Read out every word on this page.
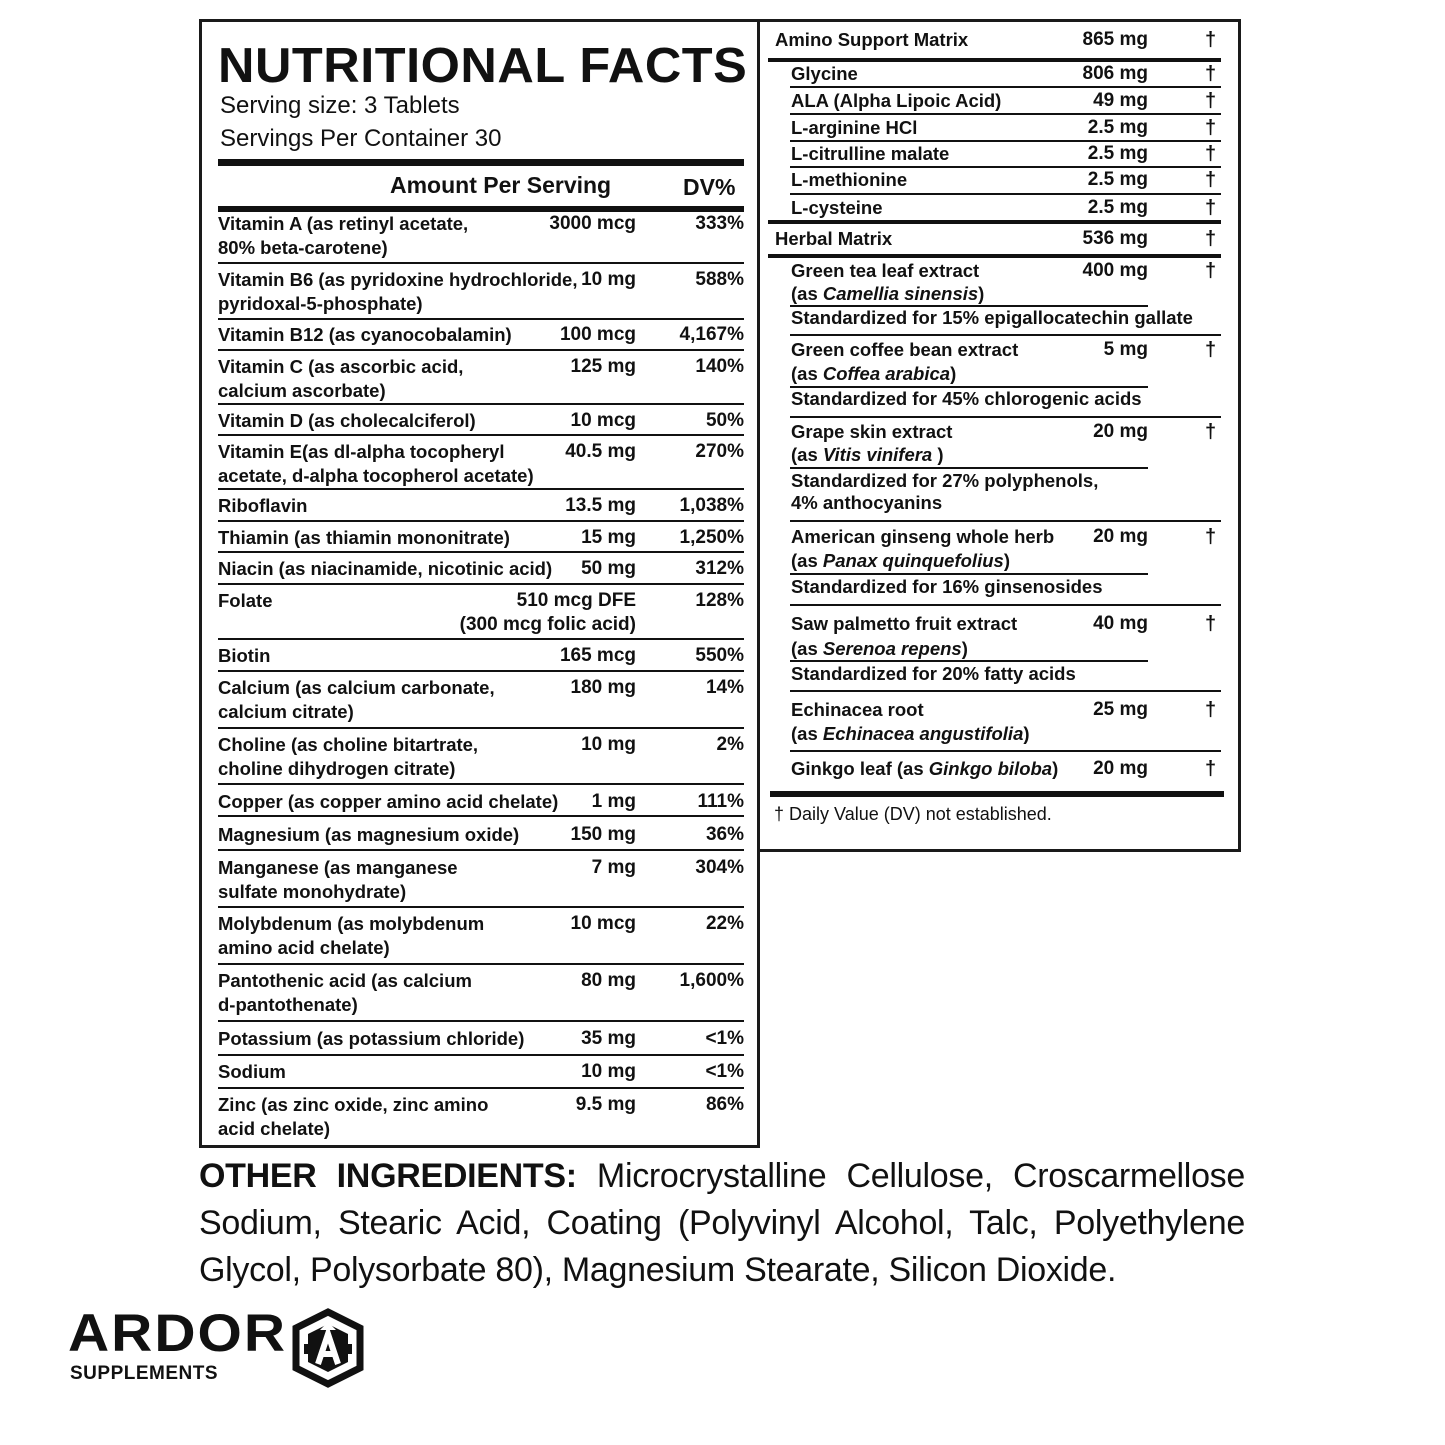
NUTRITIONAL FACTS
Serving size: 3 Tablets
Servings Per Container 30
Amount Per Serving	DV%
Vitamin A (as retinyl acetate,
80% beta-carotene)
3000 mcg	333%
Vitamin B6 (as pyridoxine hydrochloride,
pyridoxal-5-phosphate)
10 mg	588%
Vitamin B12 (as cyanocobalamin)	100 mcg 4,167%
Vitamin C (as ascorbic acid,
calcium ascorbate)
125 mg	140%
Vitamin D (as cholecalciferol)	10 mcg	50%
Vitamin E(as dl-alpha tocopheryl
acetate, d-alpha tocopherol acetate)
40.5 mg	270%
Riboflavin	13.5 mg 1,038%
Thiamin (as thiamin mononitrate)	15 mg 1,250%
Niacin (as niacinamide, nicotinic acid)	50 mg	312%
Folate	510 mcg DFE
(300 mcg folic acid)
128%
Biotin	165 mcg	550%
Calcium (as calcium carbonate,
calcium citrate)
180 mg	14%
Choline (as choline bitartrate,
choline dihydrogen citrate)
10 mg	2%
Copper (as copper amino acid chelate)	1 mg	111%
Magnesium (as magnesium oxide)	150 mg	36%
Manganese (as manganese
sulfate monohydrate)
7 mg	304%
Molybdenum (as molybdenum
amino acid chelate)
10 mcg	22%
Pantothenic acid (as calcium
d-pantothenate)
80 mg 1,600%
Potassium (as potassium chloride)	35 mg	<1%
Sodium	10 mg	<1%
Zinc (as zinc oxide, zinc amino
acid chelate)
9.5 mg	86%
Amino Support Matrix	865 mg	†
Glycine	806 mg	†
ALA (Alpha Lipoic Acid)	49 mg	†
L-arginine HCl	2.5 mg	†
L-citrulline malate	2.5 mg	†
L-methionine	2.5 mg	†
L-cysteine	2.5 mg	†
Herbal Matrix	536 mg	†
Green tea leaf extract
(as Camellia sinensis)
400 mg	†
Standardized for 15% epigallocatechin gallate
Green coffee bean extract
(as Coffea arabica)
5 mg	†
Standardized for 45% chlorogenic acids
Grape skin extract
(as Vitis vinifera )
20 mg	†
Standardized for 27% polyphenols,
4% anthocyanins
American ginseng whole herb
(as Panax quinquefolius)
20 mg	†
Standardized for 16% ginsenosides
Saw palmetto fruit extract
(as Serenoa repens)
40 mg	†
Standardized for 20% fatty acids
Echinacea root
(as Echinacea angustifolia)
25 mg	†
Ginkgo leaf (as Ginkgo biloba) 20 mg	†
† Daily Value (DV) not established.
OTHER INGREDIENTS: Microcrystalline Cellulose, Croscarmellose Sodium, Stearic Acid, Coating (Polyvinyl Alcohol, Talc, Polyethylene Glycol, Polysorbate 80), Magnesium Stearate, Silicon Dioxide.
ARDOR
SUPPLEMENTS
